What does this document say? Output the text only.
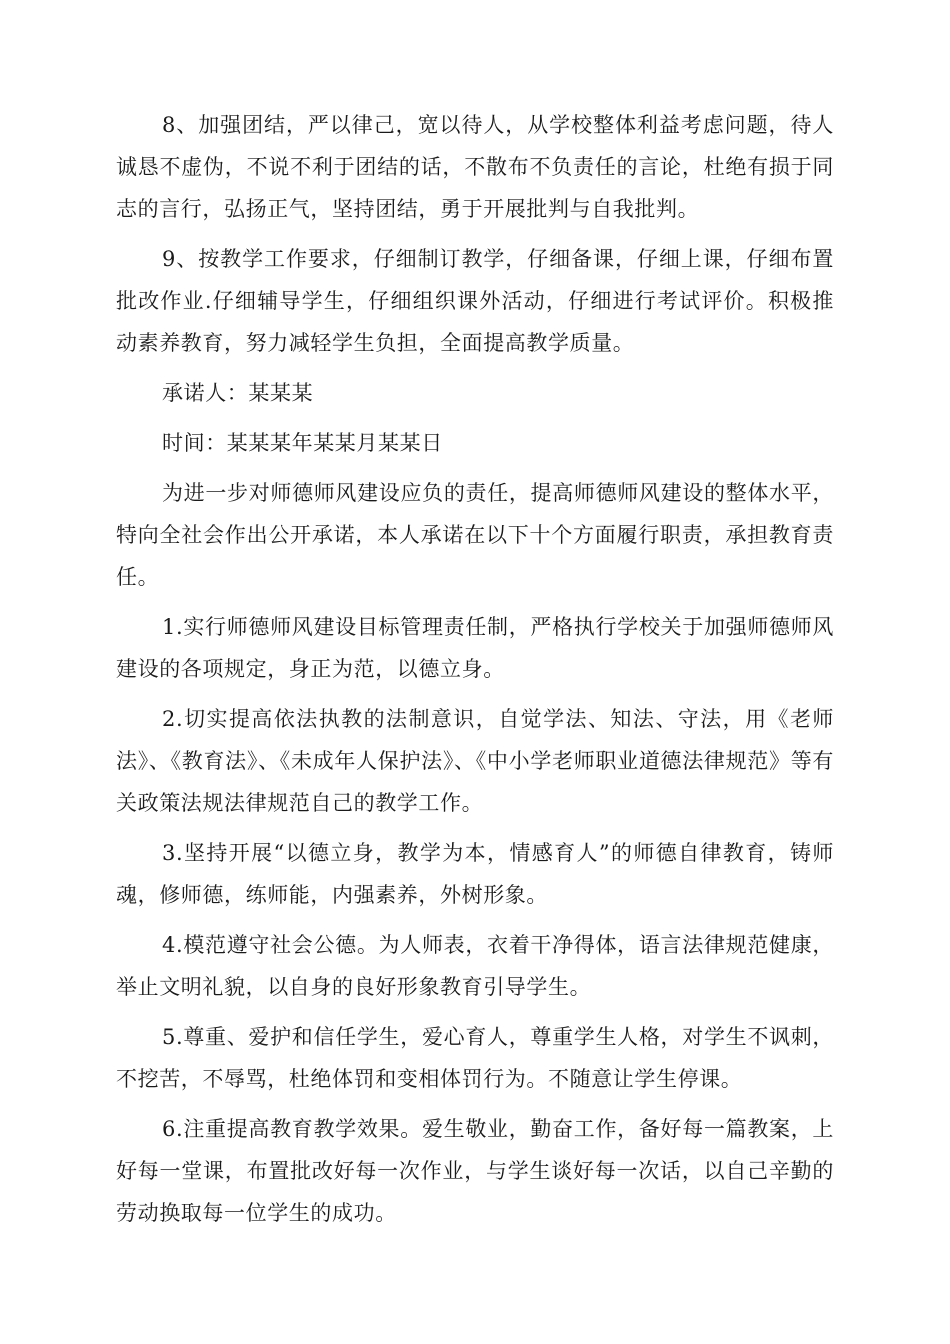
8、加强团结，严以律己，宽以待人，从学校整体利益考虑问题，待人诚恳不虚伪，不说不利于团结的话，不散布不负责任的言论，杜绝有损于同志的言行，弘扬正气，坚持团结，勇于开展批判与自我批判。

9、按教学工作要求，仔细制订教学，仔细备课，仔细上课，仔细布置批改作业.仔细辅导学生，仔细组织课外活动，仔细进行考试评价。积极推动素养教育，努力减轻学生负担，全面提高教学质量。

承诺人：某某某

时间：某某某年某某月某某日

为进一步对师德师风建设应负的责任，提高师德师风建设的整体水平，特向全社会作出公开承诺，本人承诺在以下十个方面履行职责，承担教育责任。

1.实行师德师风建设目标管理责任制，严格执行学校关于加强师德师风建设的各项规定，身正为范，以德立身。

2.切实提高依法执教的法制意识，自觉学法、知法、守法，用《老师法》、《教育法》、《未成年人保护法》、《中小学老师职业道德法律规范》等有关政策法规法律规范自己的教学工作。

3.坚持开展“以德立身，教学为本，情感育人”的师德自律教育，铸师魂，修师德，练师能，内强素养，外树形象。

4.模范遵守社会公德。为人师表，衣着干净得体，语言法律规范健康，举止文明礼貌，以自身的良好形象教育引导学生。

5.尊重、爱护和信任学生，爱心育人，尊重学生人格，对学生不讽刺，不挖苦，不辱骂，杜绝体罚和变相体罚行为。不随意让学生停课。

6.注重提高教育教学效果。爱生敬业，勤奋工作，备好每一篇教案，上好每一堂课，布置批改好每一次作业，与学生谈好每一次话，以自己辛勤的劳动换取每一位学生的成功。
